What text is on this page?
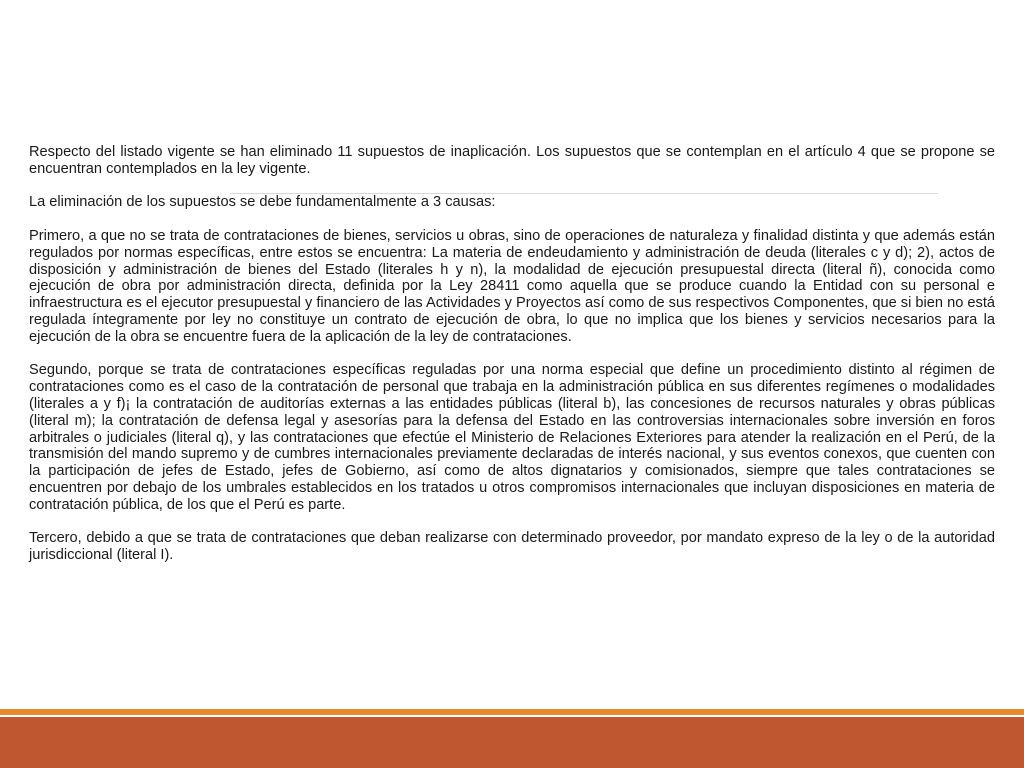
Respecto del listado vigente se han eliminado 11 supuestos de inaplicación. Los supuestos que se contemplan en el artículo 4 que se propone se encuentran contemplados en la ley vigente.

La eliminación de los supuestos se debe fundamentalmente a 3 causas:

Primero, a que no se trata de contrataciones de bienes, servicios u obras, sino de operaciones de naturaleza y finalidad distinta y que además están regulados por normas específicas, entre estos se encuentra: La materia de endeudamiento y administración de deuda (literales c y d); 2), actos de disposición y administración de bienes del Estado (literales h y n), la modalidad de ejecución presupuestal directa (literal ñ), conocida como ejecución de obra por administración directa, definida por la Ley 28411 como aquella que se produce cuando la Entidad con su personal e infraestructura es el ejecutor presupuestal y financiero de las Actividades y Proyectos así como de sus respectivos Componentes, que si bien no está regulada íntegramente por ley no constituye un contrato de ejecución de obra, lo que no implica que los bienes y servicios necesarios para la ejecución de la obra se encuentre fuera de la aplicación de la ley de contrataciones.

Segundo, porque se trata de contrataciones específicas reguladas por una norma especial que define un procedimiento distinto al régimen de contrataciones como es el caso de la contratación de personal que trabaja en la administración pública en sus diferentes regímenes o modalidades (literales a y f)¡ la contratación de auditorías externas a las entidades públicas (literal b), las concesiones de recursos naturales y obras públicas (literal m); la contratación de defensa legal y asesorías para la defensa del Estado en las controversias internacionales sobre inversión en foros arbitrales o judiciales (literal q), y las contrataciones que efectúe el Ministerio de Relaciones Exteriores para atender la realización en el Perú, de la transmisión del mando supremo y de cumbres internacionales previamente declaradas de interés nacional, y sus eventos conexos, que cuenten con la participación de jefes de Estado, jefes de Gobierno, así como de altos dignatarios y comisionados, siempre que tales contrataciones se encuentren por debajo de los umbrales establecidos en los tratados u otros compromisos internacionales que incluyan disposiciones en materia de contratación pública, de los que el Perú es parte.

Tercero, debido a que se trata de contrataciones que deban realizarse con determinado proveedor, por mandato expreso de la ley o de la autoridad jurisdiccional (literal I).
